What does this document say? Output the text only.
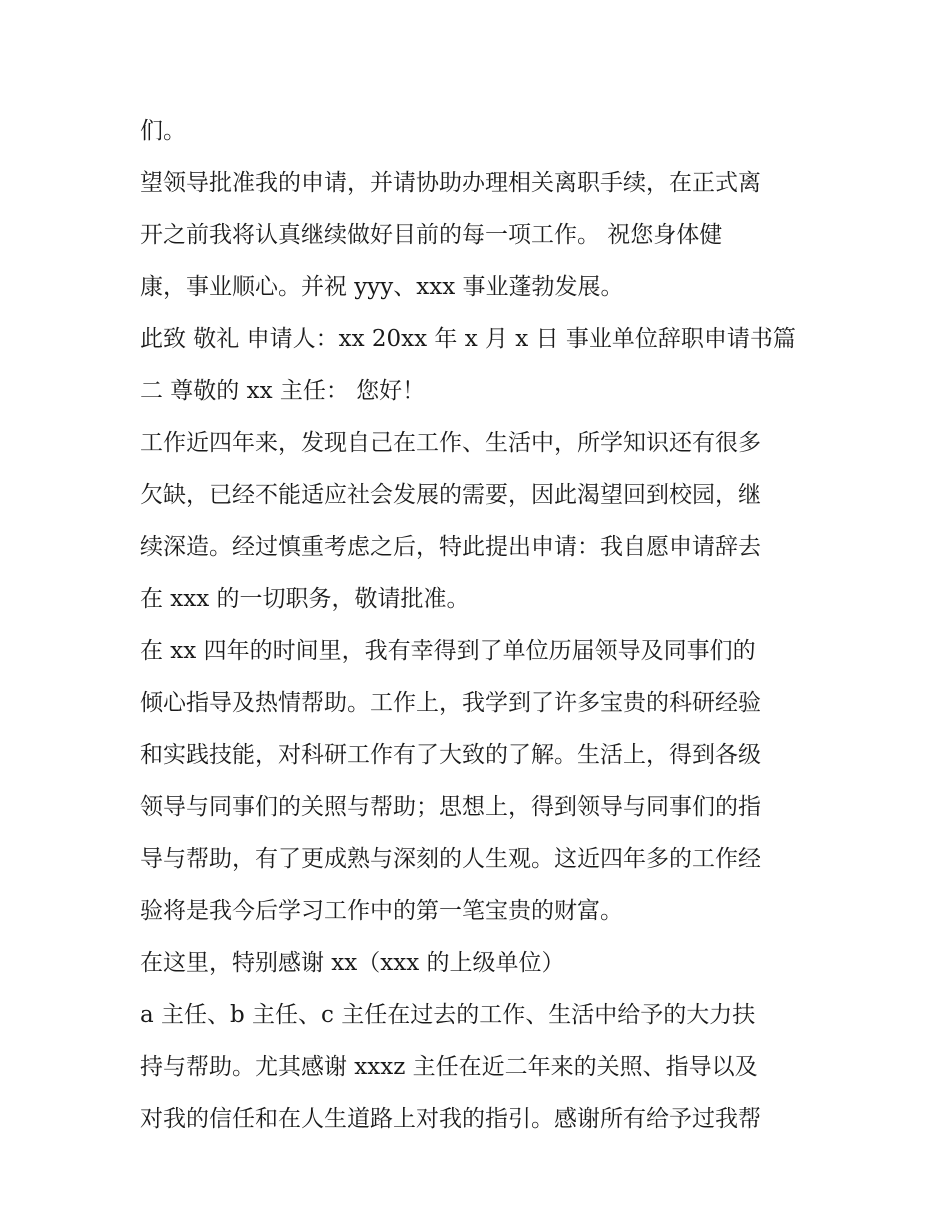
们。
望领导批准我的申请，并请协助办理相关离职手续，在正式离
开之前我将认真继续做好目前的每一项工作。 祝您身体健
康，事业顺心。并祝 yyy、xxx 事业蓬勃发展。
此致 敬礼 申请人：xx 20xx 年 x 月 x 日 事业单位辞职申请书篇
二 尊敬的 xx 主任： 您好！
工作近四年来，发现自己在工作、生活中，所学知识还有很多
欠缺，已经不能适应社会发展的需要，因此渴望回到校园，继
续深造。经过慎重考虑之后，特此提出申请：我自愿申请辞去
在 xxx 的一切职务，敬请批准。
在 xx 四年的时间里，我有幸得到了单位历届领导及同事们的
倾心指导及热情帮助。工作上，我学到了许多宝贵的科研经验
和实践技能，对科研工作有了大致的了解。生活上，得到各级
领导与同事们的关照与帮助；思想上，得到领导与同事们的指
导与帮助，有了更成熟与深刻的人生观。这近四年多的工作经
验将是我今后学习工作中的第一笔宝贵的财富。
在这里，特别感谢 xx（xxx 的上级单位）
a 主任、b 主任、c 主任在过去的工作、生活中给予的大力扶
持与帮助。尤其感谢 xxxz 主任在近二年来的关照、指导以及
对我的信任和在人生道路上对我的指引。感谢所有给予过我帮
